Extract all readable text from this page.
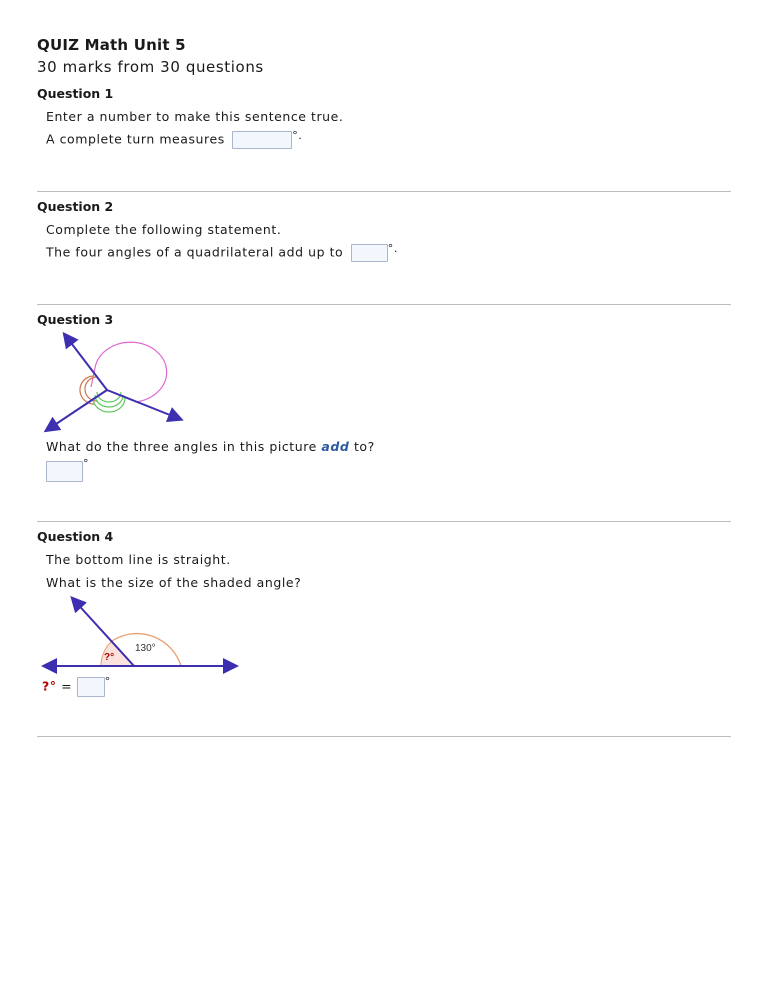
QUIZ Math Unit 5
30 marks from 30 questions
Question 1
Enter a number to make this sentence true.
A complete turn measures	°.
Question 2
Complete the following statement.
The four angles of a quadrilateral add up to	°.
Question 3
What do the three angles in this picture add to?
°
Question 4
The bottom line is straight.
What is the size of the shaded angle?
130°
?°
?° =	°
